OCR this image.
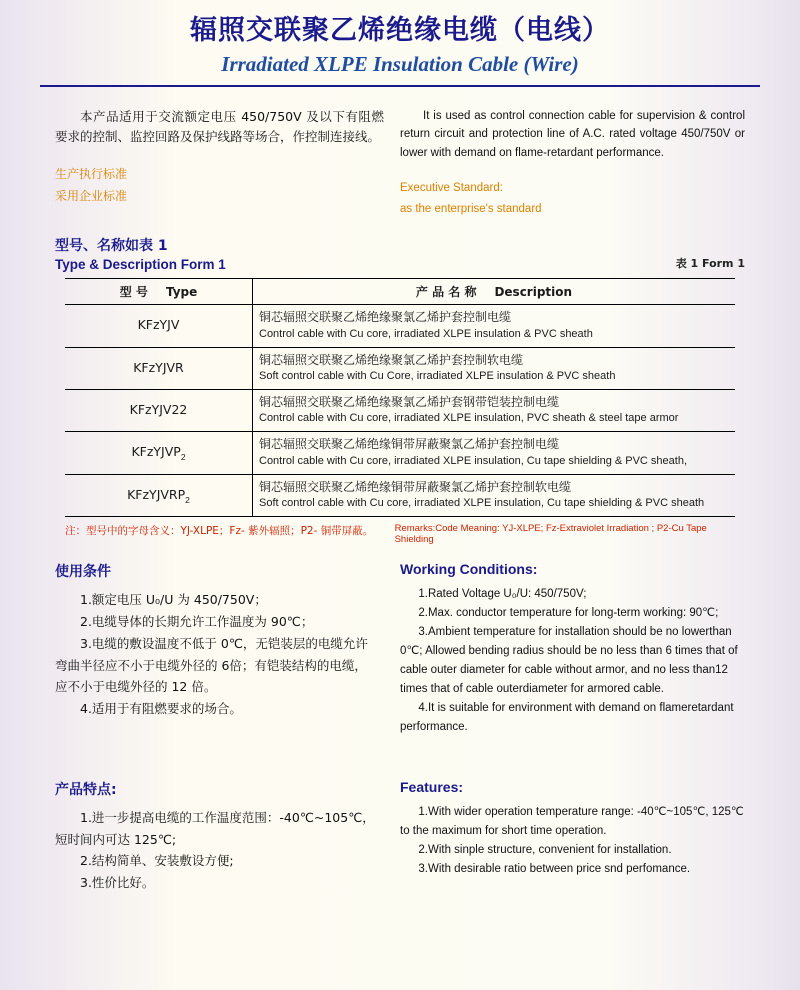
辐照交联聚乙烯绝缘电缆（电线）
Irradiated XLPE Insulation Cable (Wire)
本产品适用于交流额定电压 450/750V 及以下有阻燃要求的控制、监控回路及保护线路等场合，作控制连接线。
生产执行标准
采用企业标准
It is used as control connection cable for supervision & control return circuit and protection line of A.C. rated voltage 450/750V or lower with demand on flame-retardant performance.
Executive Standard:
as the enterprise's standard
型号、名称如表 1
Type & Description Form 1	表 1 Form 1
型 号 Type	产 品 名 称 Description
KFzYJV	铜芯辐照交联聚乙烯绝缘聚氯乙烯护套控制电缆
Control cable with Cu core, irradiated XLPE insulation & PVC sheath

KFzYJVR	铜芯辐照交联聚乙烯绝缘聚氯乙烯护套控制软电缆
Soft control cable with Cu Core, irradiated XLPE insulation & PVC sheath

KFzYJV22	铜芯辐照交联聚乙烯绝缘聚氯乙烯护套钢带铠装控制电缆
Control cable with Cu core, irradiated XLPE insulation, PVC sheath & steel tape armor

KFzYJVP$_2$	铜芯辐照交联聚乙烯绝缘铜带屏蔽聚氯乙烯护套控制电缆
Control cable with Cu core, irradiated XLPE insulation, Cu tape shielding & PVC sheath,

KFzYJVRP$_2$	铜芯辐照交联聚乙烯绝缘铜带屏蔽聚氯乙烯护套控制软电缆
Soft control cable with Cu core, irradiated XLPE insulation, Cu tape shielding & PVC sheath
注：型号中的字母含义：YJ-XLPE；Fz- 紫外辐照；P2- 铜带屏蔽。	Remarks:Code Meaning: YJ-XLPE; Fz-Extraviolet Irradiation ; P2-Cu Tape Shielding
使用条件
1.额定电压 U₀/U 为 450/750V；
2.电缆导体的长期允许工作温度为 90℃；
3.电缆的敷设温度不低于 0℃，无铠装层的电缆允许弯曲半径应不小于电缆外径的 6倍；有铠装结构的电缆，应不小于电缆外径的 12 倍。
4.适用于有阻燃要求的场合。
Working Conditions:
1.Rated Voltage U₀/U: 450/750V;
2.Max. conductor temperature for long-term working: 90℃;
3.Ambient temperature for installation should be no lowerthan 0℃; Allowed bending radius should be no less than 6 times that of cable outer diameter for cable without armor, and no less than12 times that of cable outerdiameter for armored cable.
4.It is suitable for environment with demand on flameretardant performance.
产品特点:
1.进一步提高电缆的工作温度范围：-40℃~105℃，短时间内可达 125℃;
2.结构简单、安装敷设方便;
3.性价比好。
Features:
1.With wider operation temperature range: -40℃~105℃, 125℃ to the maximum for short time operation.
2.With sinple structure, convenient for installation.
3.With desirable ratio between price snd perfomance.
